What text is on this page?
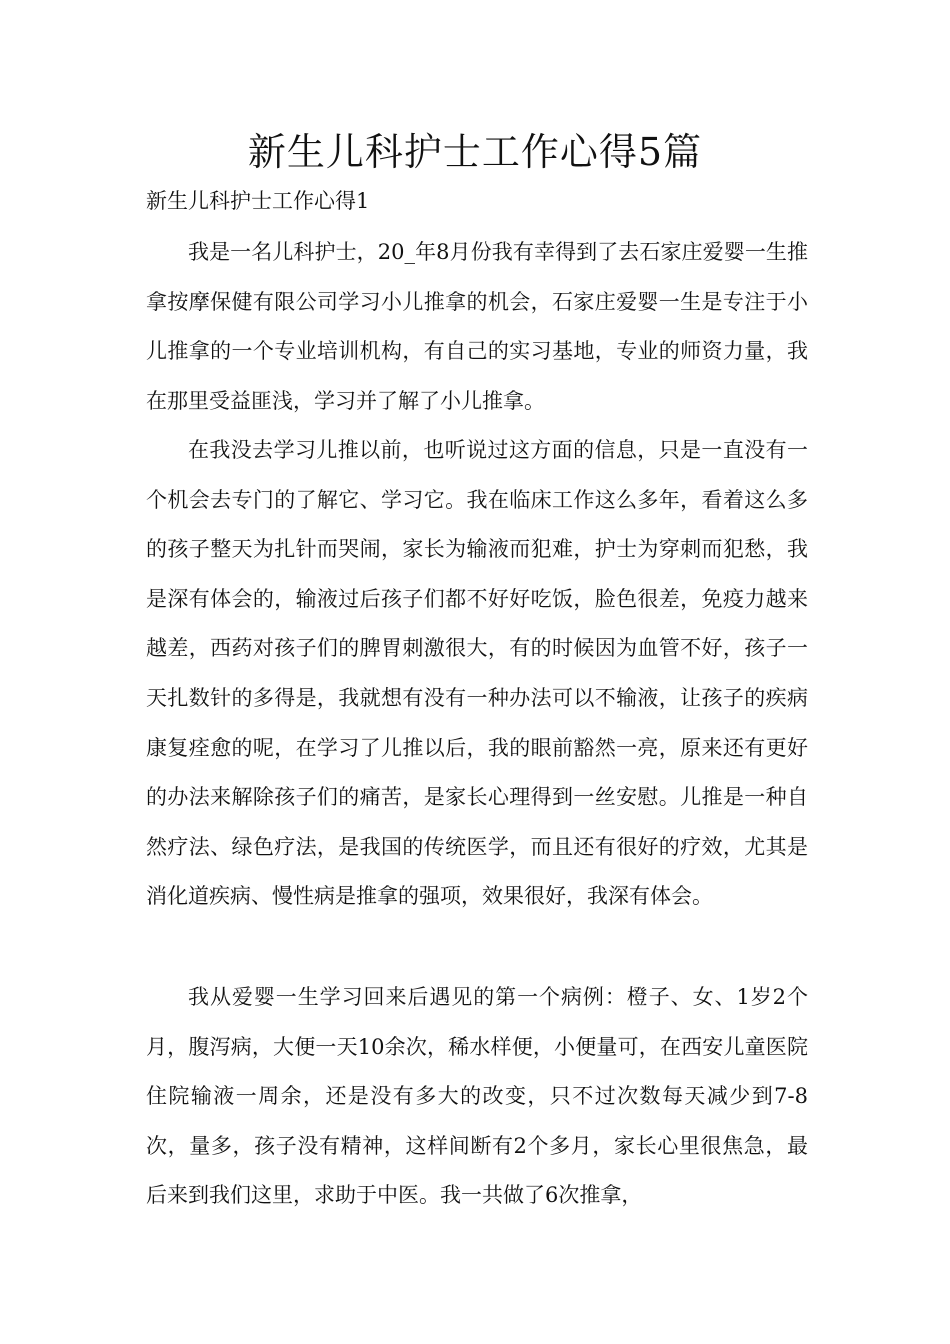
新生儿科护士工作心得5篇

新生儿科护士工作心得1

我是一名儿科护士，20_年8月份我有幸得到了去石家庄爱婴一生推拿按摩保健有限公司学习小儿推拿的机会，石家庄爱婴一生是专注于小儿推拿的一个专业培训机构，有自己的实习基地，专业的师资力量，我在那里受益匪浅，学习并了解了小儿推拿。

在我没去学习儿推以前，也听说过这方面的信息，只是一直没有一个机会去专门的了解它、学习它。我在临床工作这么多年，看着这么多的孩子整天为扎针而哭闹，家长为输液而犯难，护士为穿刺而犯愁，我是深有体会的，输液过后孩子们都不好好吃饭，脸色很差，免疫力越来越差，西药对孩子们的脾胃刺激很大，有的时候因为血管不好，孩子一天扎数针的多得是，我就想有没有一种办法可以不输液，让孩子的疾病康复痊愈的呢，在学习了儿推以后，我的眼前豁然一亮，原来还有更好的办法来解除孩子们的痛苦，是家长心理得到一丝安慰。儿推是一种自然疗法、绿色疗法，是我国的传统医学，而且还有很好的疗效，尤其是消化道疾病、慢性病是推拿的强项，效果很好，我深有体会。

我从爱婴一生学习回来后遇见的第一个病例：橙子、女、1岁2个月，腹泻病，大便一天10余次，稀水样便，小便量可，在西安儿童医院住院输液一周余，还是没有多大的改变，只不过次数每天减少到7-8次，量多，孩子没有精神，这样间断有2个多月，家长心里很焦急，最后来到我们这里，求助于中医。我一共做了6次推拿，
